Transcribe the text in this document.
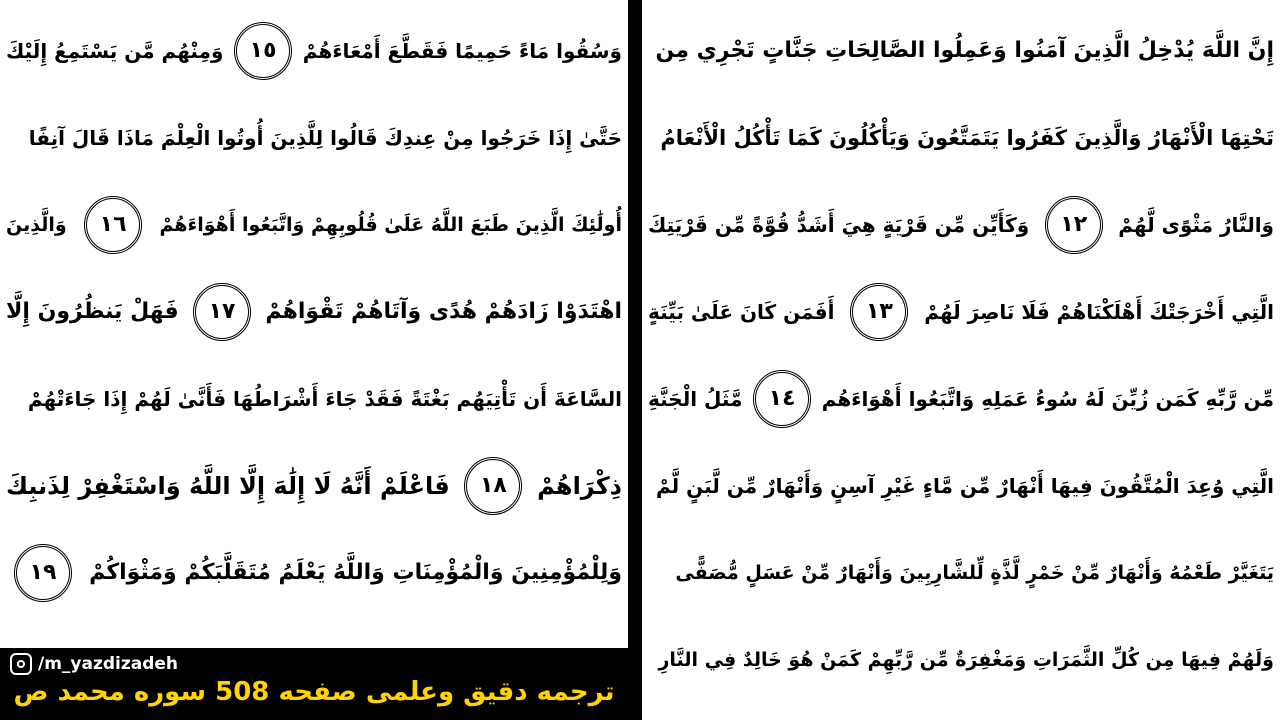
وَسُقُوا مَاءً حَمِيمًا فَقَطَّعَ أَمْعَاءَهُمْ
١٥
وَمِنْهُم مَّن يَسْتَمِعُ إِلَيْكَ
حَتَّىٰ إِذَا خَرَجُوا مِنْ عِندِكَ قَالُوا لِلَّذِينَ أُوتُوا الْعِلْمَ مَاذَا قَالَ آنِفًا
أُولَٰئِكَ الَّذِينَ طَبَعَ اللَّهُ عَلَىٰ قُلُوبِهِمْ وَاتَّبَعُوا أَهْوَاءَهُمْ
١٦
وَالَّذِينَ
اهْتَدَوْا زَادَهُمْ هُدًى وَآتَاهُمْ تَقْوَاهُمْ
١٧
فَهَلْ يَنظُرُونَ إِلَّا
السَّاعَةَ أَن تَأْتِيَهُم بَغْتَةً فَقَدْ جَاءَ أَشْرَاطُهَا فَأَنَّىٰ لَهُمْ إِذَا جَاءَتْهُمْ
ذِكْرَاهُمْ
١٨
فَاعْلَمْ أَنَّهُ لَا إِلَٰهَ إِلَّا اللَّهُ وَاسْتَغْفِرْ لِذَنبِكَ
وَلِلْمُؤْمِنِينَ وَالْمُؤْمِنَاتِ وَاللَّهُ يَعْلَمُ مُتَقَلَّبَكُمْ وَمَثْوَاكُمْ
١٩
إِنَّ اللَّهَ يُدْخِلُ الَّذِينَ آمَنُوا وَعَمِلُوا الصَّالِحَاتِ جَنَّاتٍ تَجْرِي مِن
تَحْتِهَا الْأَنْهَارُ وَالَّذِينَ كَفَرُوا يَتَمَتَّعُونَ وَيَأْكُلُونَ كَمَا تَأْكُلُ الْأَنْعَامُ
وَالنَّارُ مَثْوًى لَّهُمْ
١٢
وَكَأَيِّن مِّن قَرْيَةٍ هِيَ أَشَدُّ قُوَّةً مِّن قَرْيَتِكَ
الَّتِي أَخْرَجَتْكَ أَهْلَكْنَاهُمْ فَلَا نَاصِرَ لَهُمْ
١٣
أَفَمَن كَانَ عَلَىٰ بَيِّنَةٍ
مِّن رَّبِّهِ كَمَن زُيِّنَ لَهُ سُوءُ عَمَلِهِ وَاتَّبَعُوا أَهْوَاءَهُم
١٤
مَّثَلُ الْجَنَّةِ
الَّتِي وُعِدَ الْمُتَّقُونَ فِيهَا أَنْهَارٌ مِّن مَّاءٍ غَيْرِ آسِنٍ وَأَنْهَارٌ مِّن لَّبَنٍ لَّمْ
يَتَغَيَّرْ طَعْمُهُ وَأَنْهَارٌ مِّنْ خَمْرٍ لَّذَّةٍ لِّلشَّارِبِينَ وَأَنْهَارٌ مِّنْ عَسَلٍ مُّصَفًّى
وَلَهُمْ فِيهَا مِن كُلِّ الثَّمَرَاتِ وَمَغْفِرَةٌ مِّن رَّبِّهِمْ كَمَنْ هُوَ خَالِدٌ فِي النَّارِ
/m_yazdizadeh
ترجمه دقیق وعلمی صفحه 508 سوره محمد ص
